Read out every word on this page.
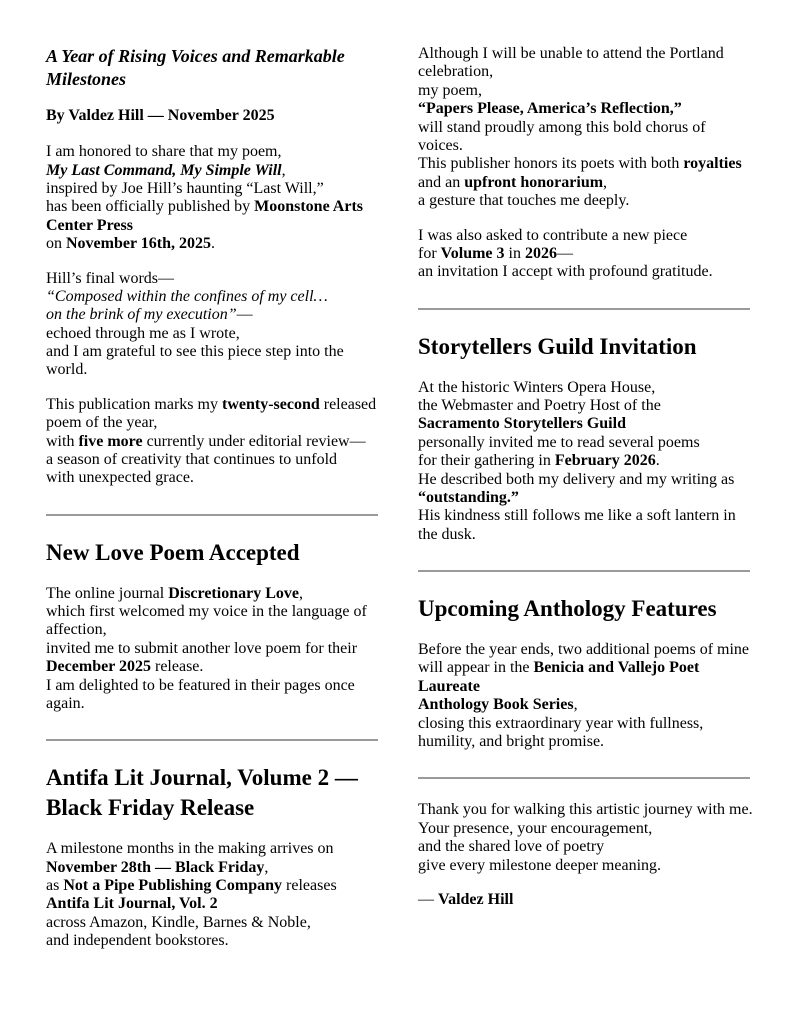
A Year of Rising Voices and Remarkable
Milestones
By Valdez Hill — November 2025
I am honored to share that my poem,
My Last Command, My Simple Will,
inspired by Joe Hill’s haunting “Last Will,”
has been officially published by Moonstone Arts
Center Press
on November 16th, 2025.
Hill’s final words—
“Composed within the confines of my cell…
on the brink of my execution”—
echoed through me as I wrote,
and I am grateful to see this piece step into the
world.
This publication marks my twenty-second released
poem of the year,
with five more currently under editorial review—
a season of creativity that continues to unfold
with unexpected grace.
New Love Poem Accepted
The online journal Discretionary Love,
which first welcomed my voice in the language of
affection,
invited me to submit another love poem for their
December 2025 release.
I am delighted to be featured in their pages once
again.
Antifa Lit Journal, Volume 2 —
Black Friday Release
A milestone months in the making arrives on
November 28th — Black Friday,
as Not a Pipe Publishing Company releases
Antifa Lit Journal, Vol. 2
across Amazon, Kindle, Barnes & Noble,
and independent bookstores.
Although I will be unable to attend the Portland
celebration,
my poem,
“Papers Please, America’s Reflection,”
will stand proudly among this bold chorus of
voices.
This publisher honors its poets with both royalties
and an upfront honorarium,
a gesture that touches me deeply.
I was also asked to contribute a new piece
for Volume 3 in 2026—
an invitation I accept with profound gratitude.
Storytellers Guild Invitation
At the historic Winters Opera House,
the Webmaster and Poetry Host of the
Sacramento Storytellers Guild
personally invited me to read several poems
for their gathering in February 2026.
He described both my delivery and my writing as
“outstanding.”
His kindness still follows me like a soft lantern in
the dusk.
Upcoming Anthology Features
Before the year ends, two additional poems of mine
will appear in the Benicia and Vallejo Poet
Laureate
Anthology Book Series,
closing this extraordinary year with fullness,
humility, and bright promise.
Thank you for walking this artistic journey with me.
Your presence, your encouragement,
and the shared love of poetry
give every milestone deeper meaning.
— Valdez Hill
